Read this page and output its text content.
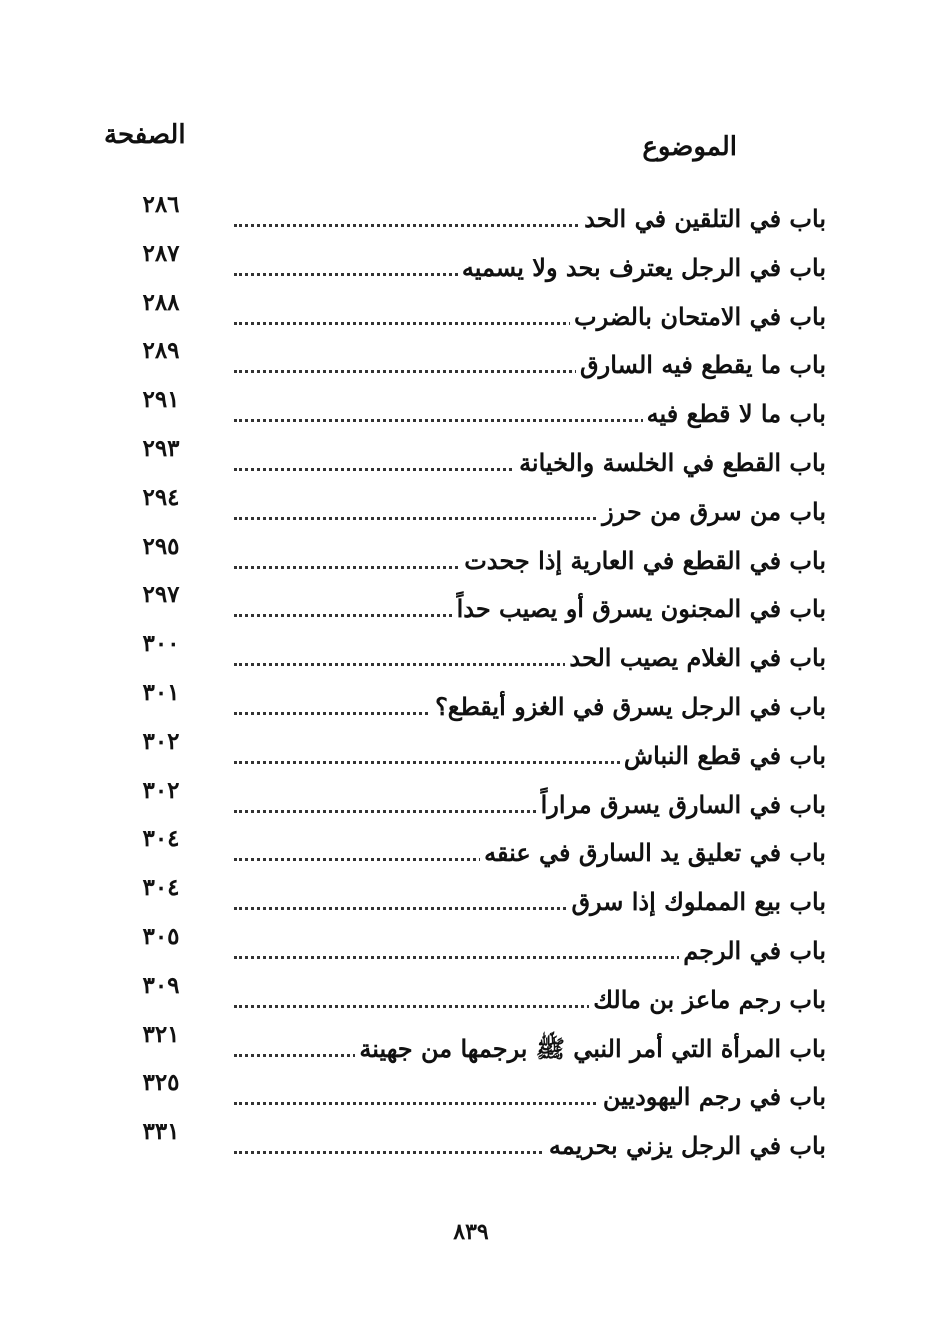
الموضوع
الصفحة
باب في التلقين في الحد
٢٨٦
باب في الرجل يعترف بحد ولا يسميه
٢٨٧
باب في الامتحان بالضرب
٢٨٨
باب ما يقطع فيه السارق
٢٨٩
باب ما لا قطع فيه
٢٩١
باب القطع في الخلسة والخيانة
٢٩٣
باب من سرق من حرز
٢٩٤
باب في القطع في العارية إذا جحدت
٢٩٥
باب في المجنون يسرق أو يصيب حداً
٢٩٧
باب في الغلام يصيب الحد
٣٠٠
باب في الرجل يسرق في الغزو أيقطع؟
٣٠١
باب في قطع النباش
٣٠٢
باب في السارق يسرق مراراً
٣٠٢
باب في تعليق يد السارق في عنقه
٣٠٤
باب بيع المملوك إذا سرق
٣٠٤
باب في الرجم
٣٠٥
باب رجم ماعز بن مالك
٣٠٩
باب المرأة التي أمر النبي ﷺ برجمها من جهينة
٣٢١
باب في رجم اليهوديين
٣٢٥
باب في الرجل يزني بحريمه
٣٣١
٨٣٩
